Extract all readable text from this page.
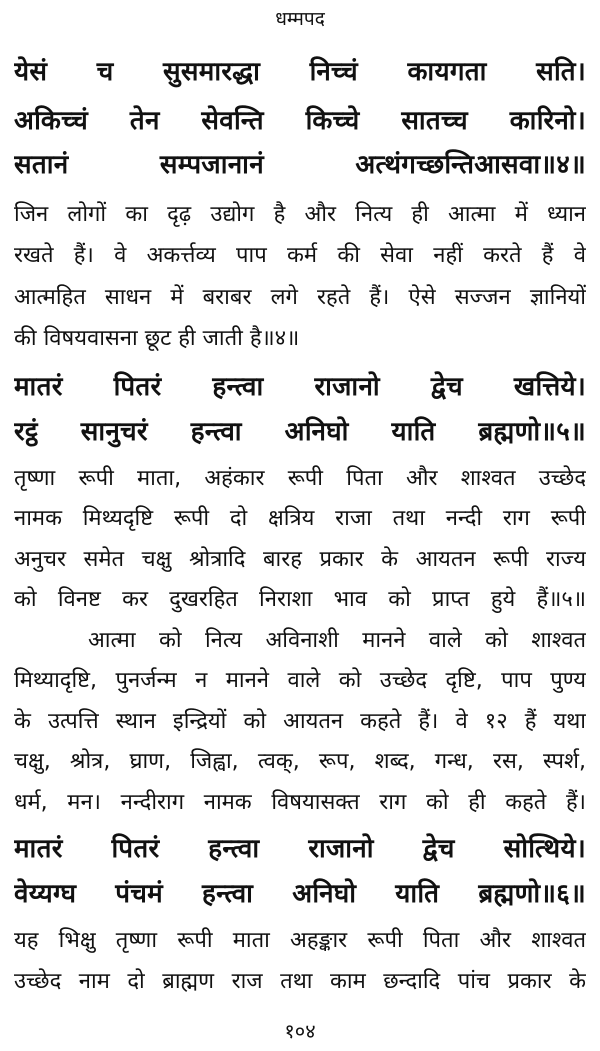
धम्मपद
येसं च सुसमारद्धा निच्चं कायगता सति।
अकिच्चं तेन सेवन्ति किच्चे सातच्च कारिनो।
सतानं सम्पजानानं अत्थंगच्छन्तिआसवा॥४॥
जिन लोगों का दृढ़ उद्योग है और नित्य ही आत्मा में ध्यान
रखते हैं। वे अकर्त्तव्य पाप कर्म की सेवा नहीं करते हैं वे
आत्महित साधन में बराबर लगे रहते हैं। ऐसे सज्जन ज्ञानियों
की विषयवासना छूट ही जाती है॥४॥
मातरं पितरं हन्त्वा राजानो द्वेच खत्तिये।
रट्ठं सानुचरं हन्त्वा अनिघो याति ब्रह्मणो॥५॥
तृष्णा रूपी माता, अहंकार रूपी पिता और शाश्वत उच्छेद
नामक मिथ्यदृष्टि रूपी दो क्षत्रिय राजा तथा नन्दी राग रूपी
अनुचर समेत चक्षु श्रोत्रादि बारह प्रकार के आयतन रूपी राज्य
को विनष्ट कर दुखरहित निराशा भाव को प्राप्त हुये हैं॥५॥
आत्मा को नित्य अविनाशी मानने वाले को शाश्वत
मिथ्यादृष्टि, पुनर्जन्म न मानने वाले को उच्छेद दृष्टि, पाप पुण्य
के उत्पत्ति स्थान इन्द्रियों को आयतन कहते हैं। वे १२ हैं यथा
चक्षु, श्रोत्र, घ्राण, जिह्वा, त्वक्, रूप, शब्द, गन्ध, रस, स्पर्श,
धर्म, मन। नन्दीराग नामक विषयासक्त राग को ही कहते हैं।
मातरं पितरं हन्त्वा राजानो द्वेच सोत्थिये।
वेय्यग्घ पंचमं हन्त्वा अनिघो याति ब्रह्मणो॥६॥
यह भिक्षु तृष्णा रूपी माता अहङ्कार रूपी पिता और शाश्वत
उच्छेद नाम दो ब्राह्मण राज तथा काम छन्दादि पांच प्रकार के
१०४
